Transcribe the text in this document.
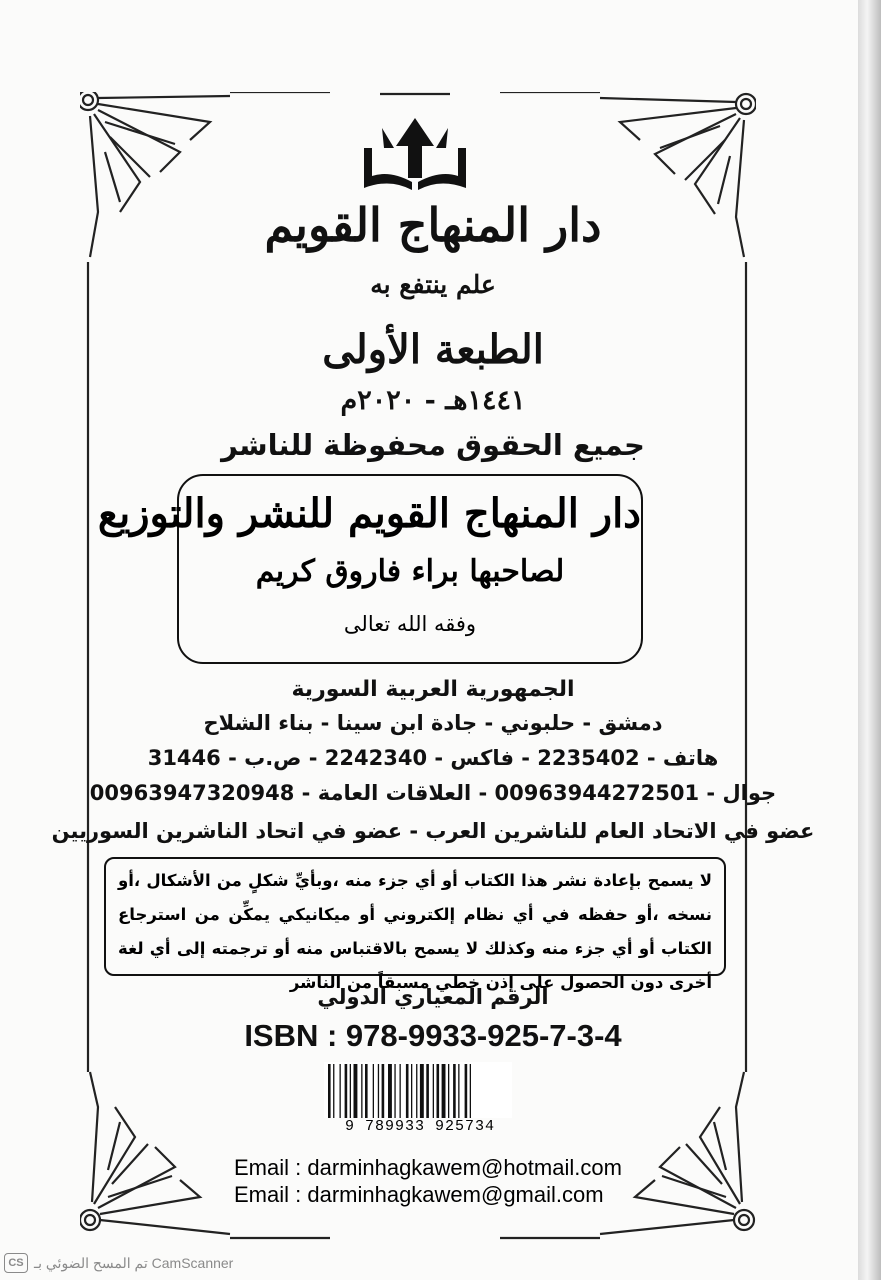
دار المنهاج القويم
علم ينتفع به
الطبعة الأولى
١٤٤١هـ - ٢٠٢٠م
جميع الحقوق محفوظة للناشر
دار المنهاج القويم للنشر والتوزيع
لصاحبها براء فاروق كريم
وفقه الله تعالى
الجمهورية العربية السورية
دمشق - حلبوني - جادة ابن سينا - بناء الشلاح
هاتف - 2235402 - فاكس - 2242340 - ص.ب - 31446
جوال - 00963944272501 - العلاقات العامة - 00963947320948
عضو في الاتحاد العام للناشرين العرب - عضو في اتحاد الناشرين السوريين
لا يسمح بإعادة نشر هذا الكتاب أو أي جزء منه ،وبأيِّ شكلٍ من الأشكال ،أو نسخه ،أو حفظه في أي نظام إلكتروني أو ميكانيكي يمكِّن من استرجاع الكتاب أو أي جزء منه وكذلك لا يسمح بالاقتباس منه أو ترجمته إلى أي لغة أخرى دون الحصول على إذن خطي مسبقاً من الناشر
الرقم المعياري الدولي
ISBN : 978-9933-925-7-3-4
9 789933 925734
Email : darminhagkawem@hotmail.com
Email : darminhagkawem@gmail.com
CS تم المسح الضوئي بـ CamScanner
